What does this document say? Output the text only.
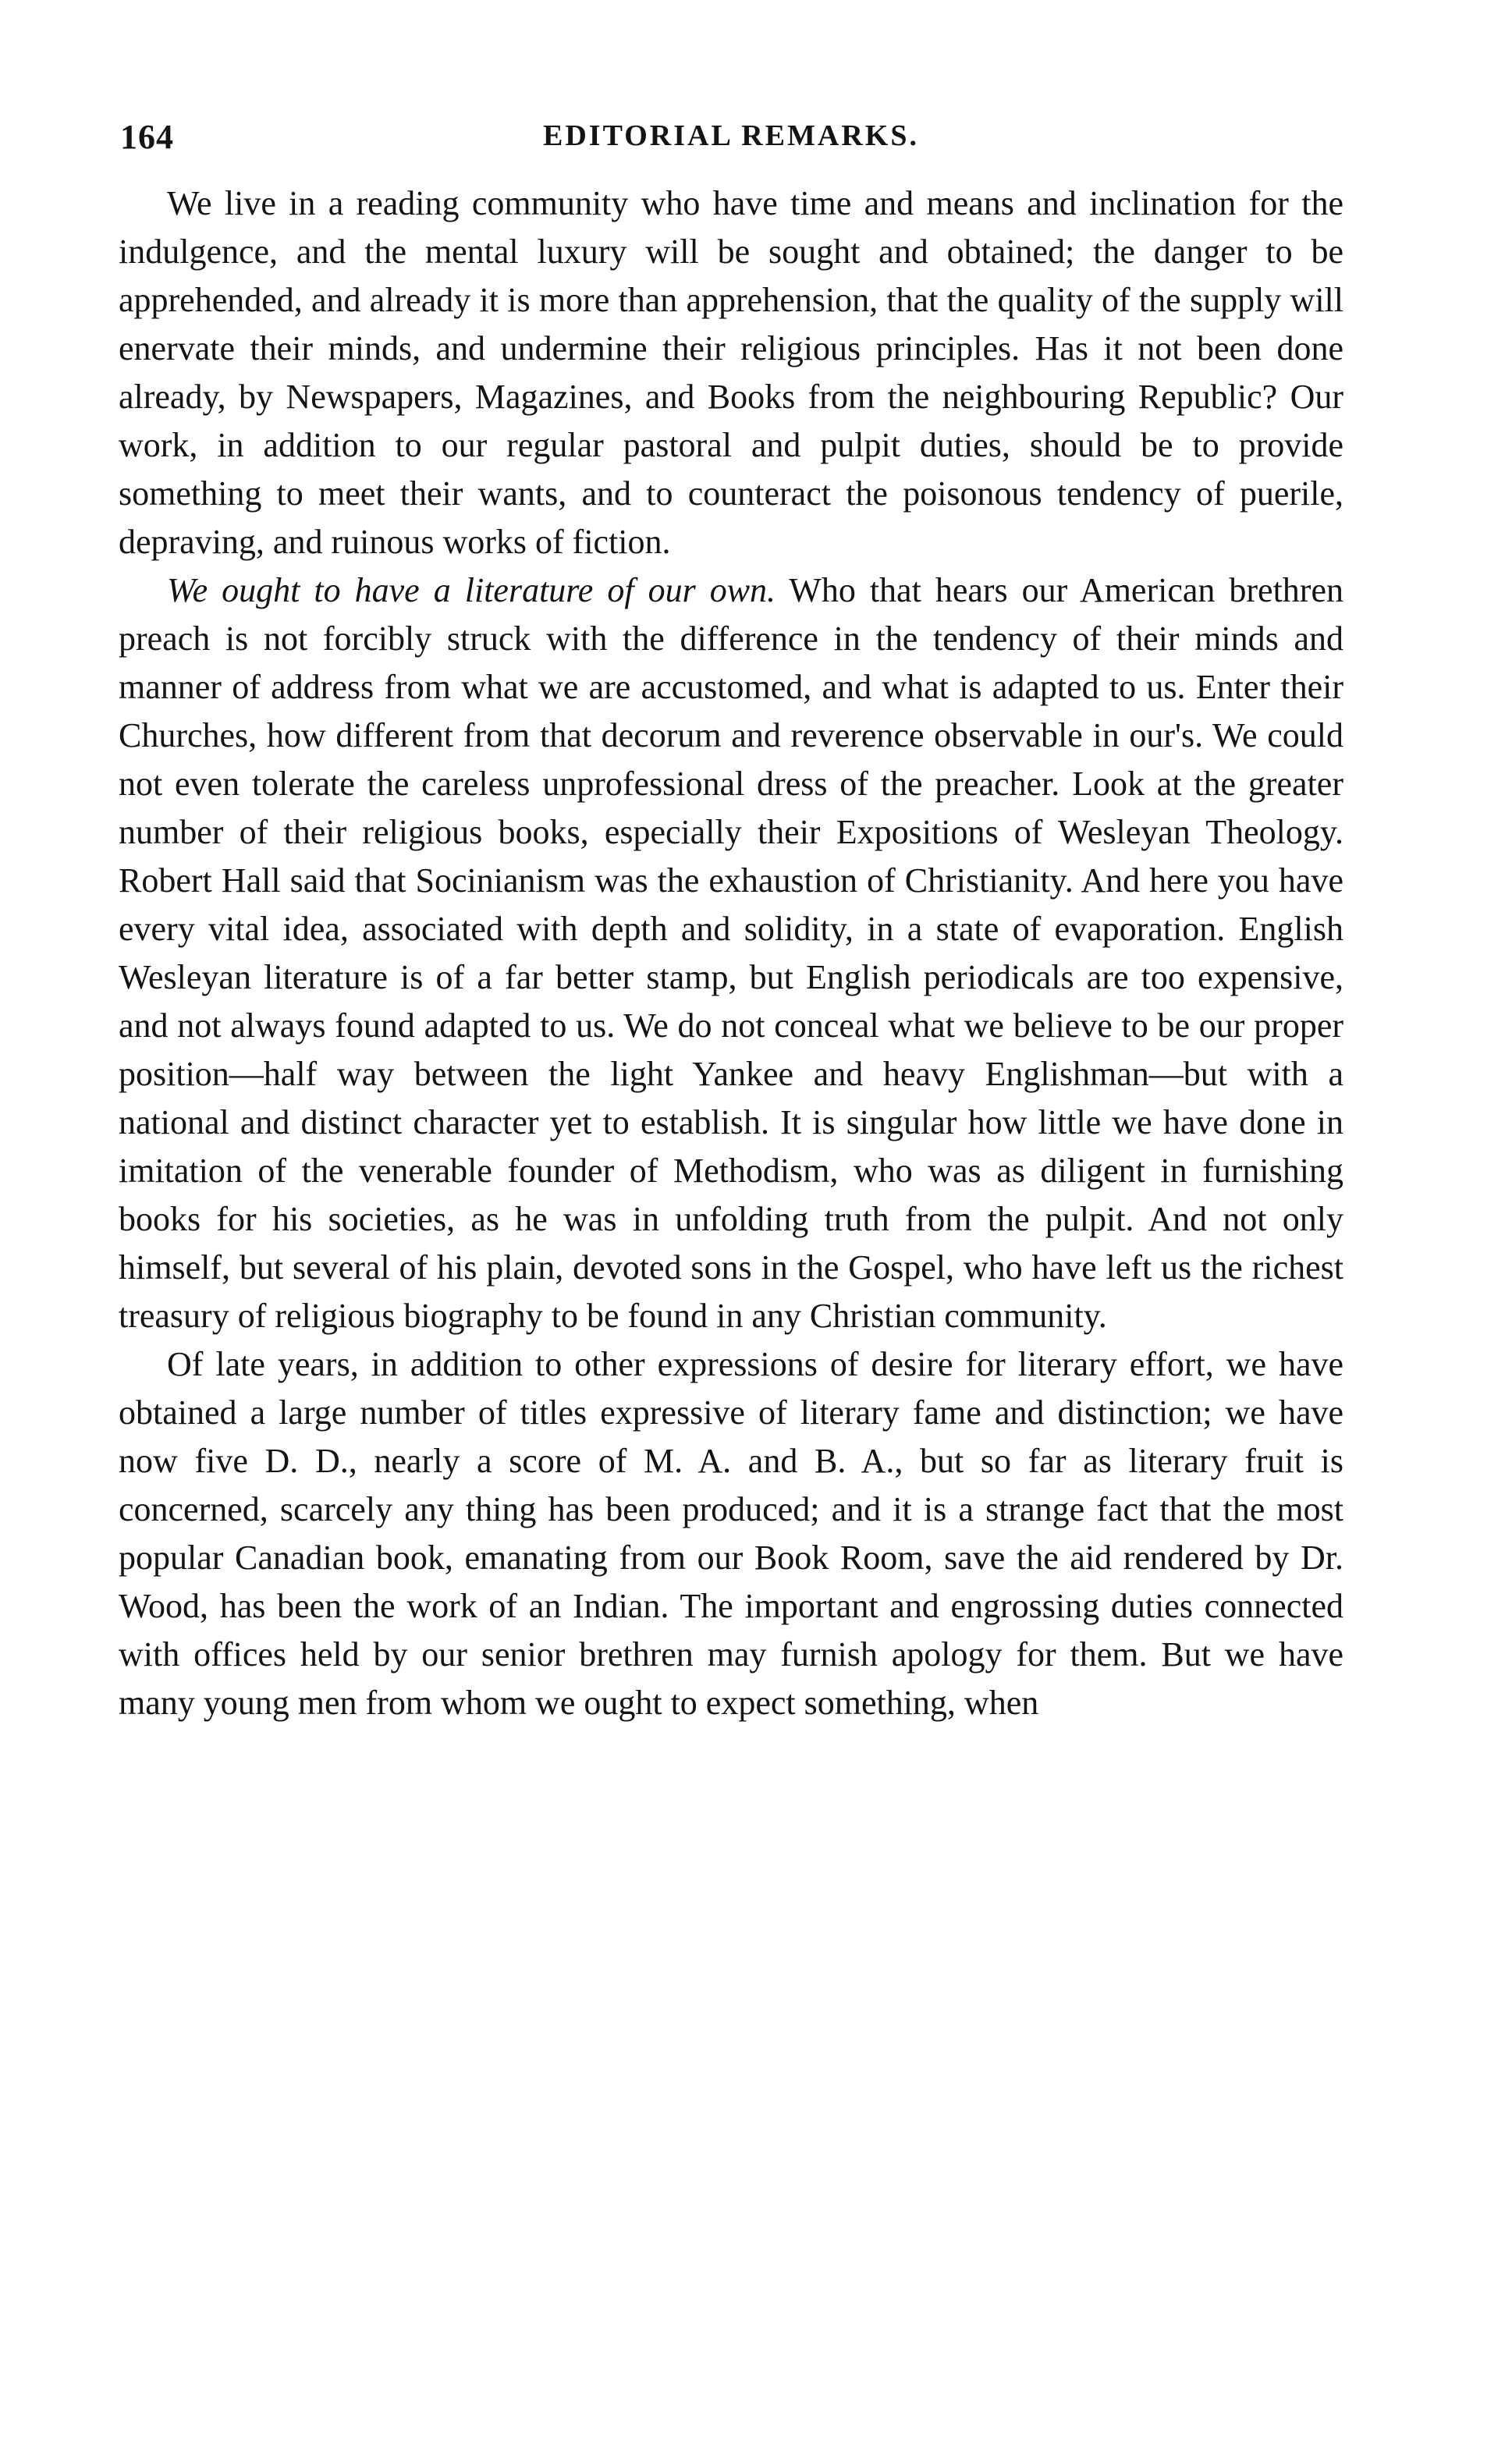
164	EDITORIAL REMARKS.

We live in a reading community who have time and means and inclination for the indulgence, and the mental luxury will be sought and obtained; the danger to be apprehended, and already it is more than apprehension, that the quality of the supply will enervate their minds, and undermine their religious principles. Has it not been done already, by Newspapers, Magazines, and Books from the neighbouring Republic? Our work, in addition to our regular pastoral and pulpit duties, should be to provide something to meet their wants, and to counteract the poisonous tendency of puerile, depraving, and ruinous works of fiction.

We ought to have a literature of our own. Who that hears our American brethren preach is not forcibly struck with the difference in the tendency of their minds and manner of address from what we are accustomed, and what is adapted to us. Enter their Churches, how different from that decorum and reverence observable in our's. We could not even tolerate the careless unprofessional dress of the preacher. Look at the greater number of their religious books, especially their Expositions of Wesleyan Theology. Robert Hall said that Socinianism was the exhaustion of Christianity. And here you have every vital idea, associated with depth and solidity, in a state of evaporation. English Wesleyan literature is of a far better stamp, but English periodicals are too expensive, and not always found adapted to us. We do not conceal what we believe to be our proper position—half way between the light Yankee and heavy Englishman—but with a national and distinct character yet to establish. It is singular how little we have done in imitation of the venerable founder of Methodism, who was as diligent in furnishing books for his societies, as he was in unfolding truth from the pulpit. And not only himself, but several of his plain, devoted sons in the Gospel, who have left us the richest treasury of religious biography to be found in any Christian community.

Of late years, in addition to other expressions of desire for literary effort, we have obtained a large number of titles expressive of literary fame and distinction; we have now five D. D., nearly a score of M. A. and B. A., but so far as literary fruit is concerned, scarcely any thing has been produced; and it is a strange fact that the most popular Canadian book, emanating from our Book Room, save the aid rendered by Dr. Wood, has been the work of an Indian. The important and engrossing duties connected with offices held by our senior brethren may furnish apology for them. But we have many young men from whom we ought to expect something, when
